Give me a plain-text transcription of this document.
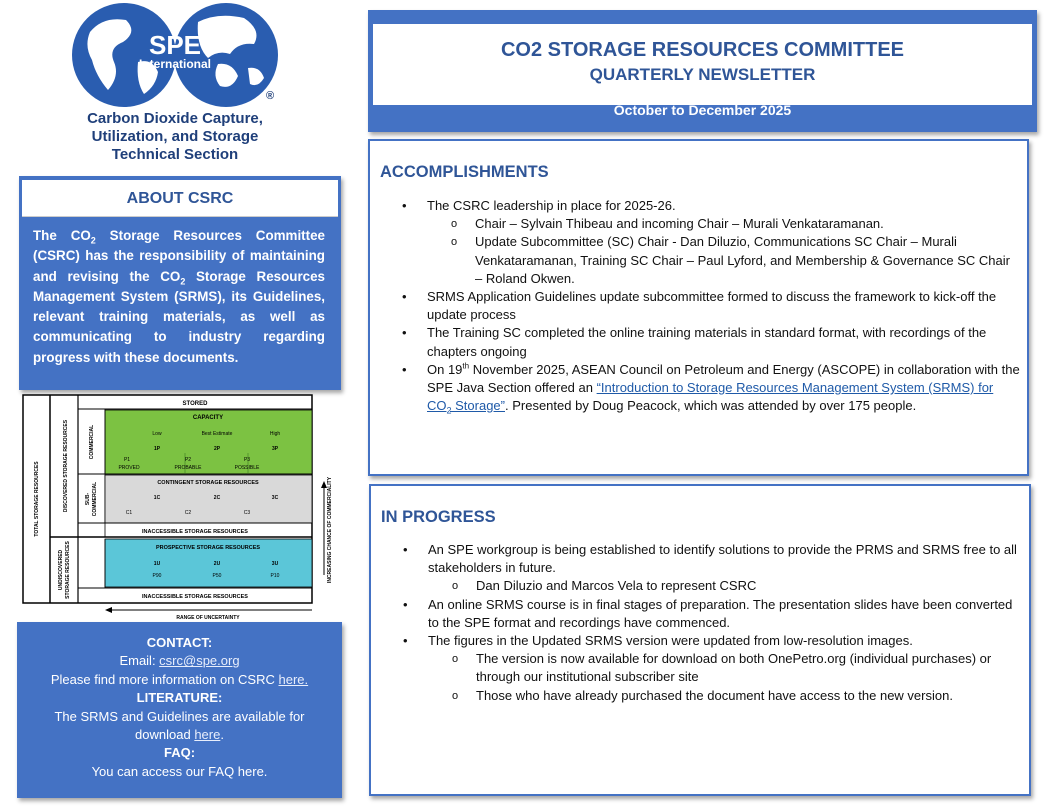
SPE
International
®
Carbon Dioxide Capture,
Utilization, and Storage
Technical Section
ABOUT CSRC
The $CO_2$ Storage Resources Committee (CSRC) has the responsibility of maintaining and revising the $CO_2$ Storage Resources Management System (SRMS), its Guidelines, relevant training materials, as well as communicating to industry regarding progress with these documents.
STORED
CAPACITY
Low	Best Estimate	High
1P	2P	3P
P1	P2	P3
PROVED	PROBABLE	POSSIBLE
CONTINGENT STORAGE RESOURCES
1C	2C	3C
C1	C2	C3
INACCESSIBLE STORAGE RESOURCES
PROSPECTIVE STORAGE RESOURCES
1U	2U	3U
P90	P50	P10
INACCESSIBLE STORAGE RESOURCES
TOTAL STORAGE RESOURCES	DISCOVERED STORAGE RESOURCES
UNDISCOVERED STORAGE RESOURCES
COMMERCIAL
SUB- COMMERCIAL	INCREASING CHANCE OF COMMERCIALITY
RANGE OF UNCERTAINTY
CONTACT:
Email: csrc@spe.org
Please find more information on CSRC here.
LITERATURE:
The SRMS and Guidelines are available for
download here.
FAQ:
You can access our FAQ here.
CO2 STORAGE RESOURCES COMMITTEE
QUARTERLY NEWSLETTER
October to December 2025
ACCOMPLISHMENTS
• The CSRC leadership in place for 2025-26.
o Chair – Sylvain Thibeau and incoming Chair – Murali Venkataramanan.
o Update Subcommittee (SC) Chair - Dan Diluzio, Communications SC Chair – Murali Venkataramanan, Training SC Chair – Paul Lyford, and Membership & Governance SC Chair – Roland Okwen.
• SRMS Application Guidelines update subcommittee formed to discuss the framework to kick-off the update process
• The Training SC completed the online training materials in standard format, with recordings of the chapters ongoing
• On 19th November 2025, ASEAN Council on Petroleum and Energy (ASCOPE) in collaboration with the SPE Java Section offered an “Introduction to Storage Resources Management System (SRMS) for $CO_2$ Storage”. Presented by Doug Peacock, which was attended by over 175 people.
IN PROGRESS
• An SPE workgroup is being established to identify solutions to provide the PRMS and SRMS free to all stakeholders in future.
o Dan Diluzio and Marcos Vela to represent CSRC
• An online SRMS course is in final stages of preparation. The presentation slides have been converted to the SPE format and recordings have commenced.
• The figures in the Updated SRMS version were updated from low-resolution images.
o The version is now available for download on both OnePetro.org (individual purchases) or through our institutional subscriber site
o Those who have already purchased the document have access to the new version.
